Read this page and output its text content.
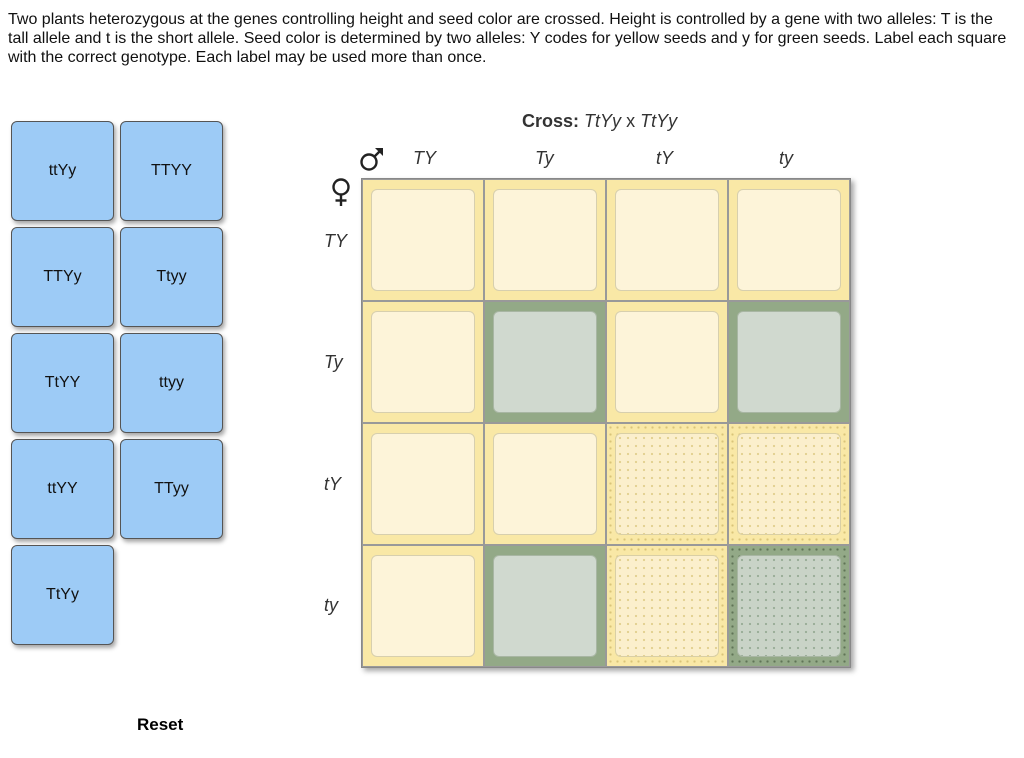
Two plants heterozygous at the genes controlling height and seed color are crossed. Height is controlled by a gene with two alleles: T is the tall allele and t is the short allele. Seed color is determined by two alleles: Y codes for yellow seeds and y for green seeds. Label each square with the correct genotype. Each label may be used more than once.

ttYy	TTYY
TTYy	Ttyy
TtYY	ttyy
ttYY	TTyy
TtYy
Reset
Cross: TtYy x TtYy
TY	Ty	tY	ty
TY
Ty
tY
ty
